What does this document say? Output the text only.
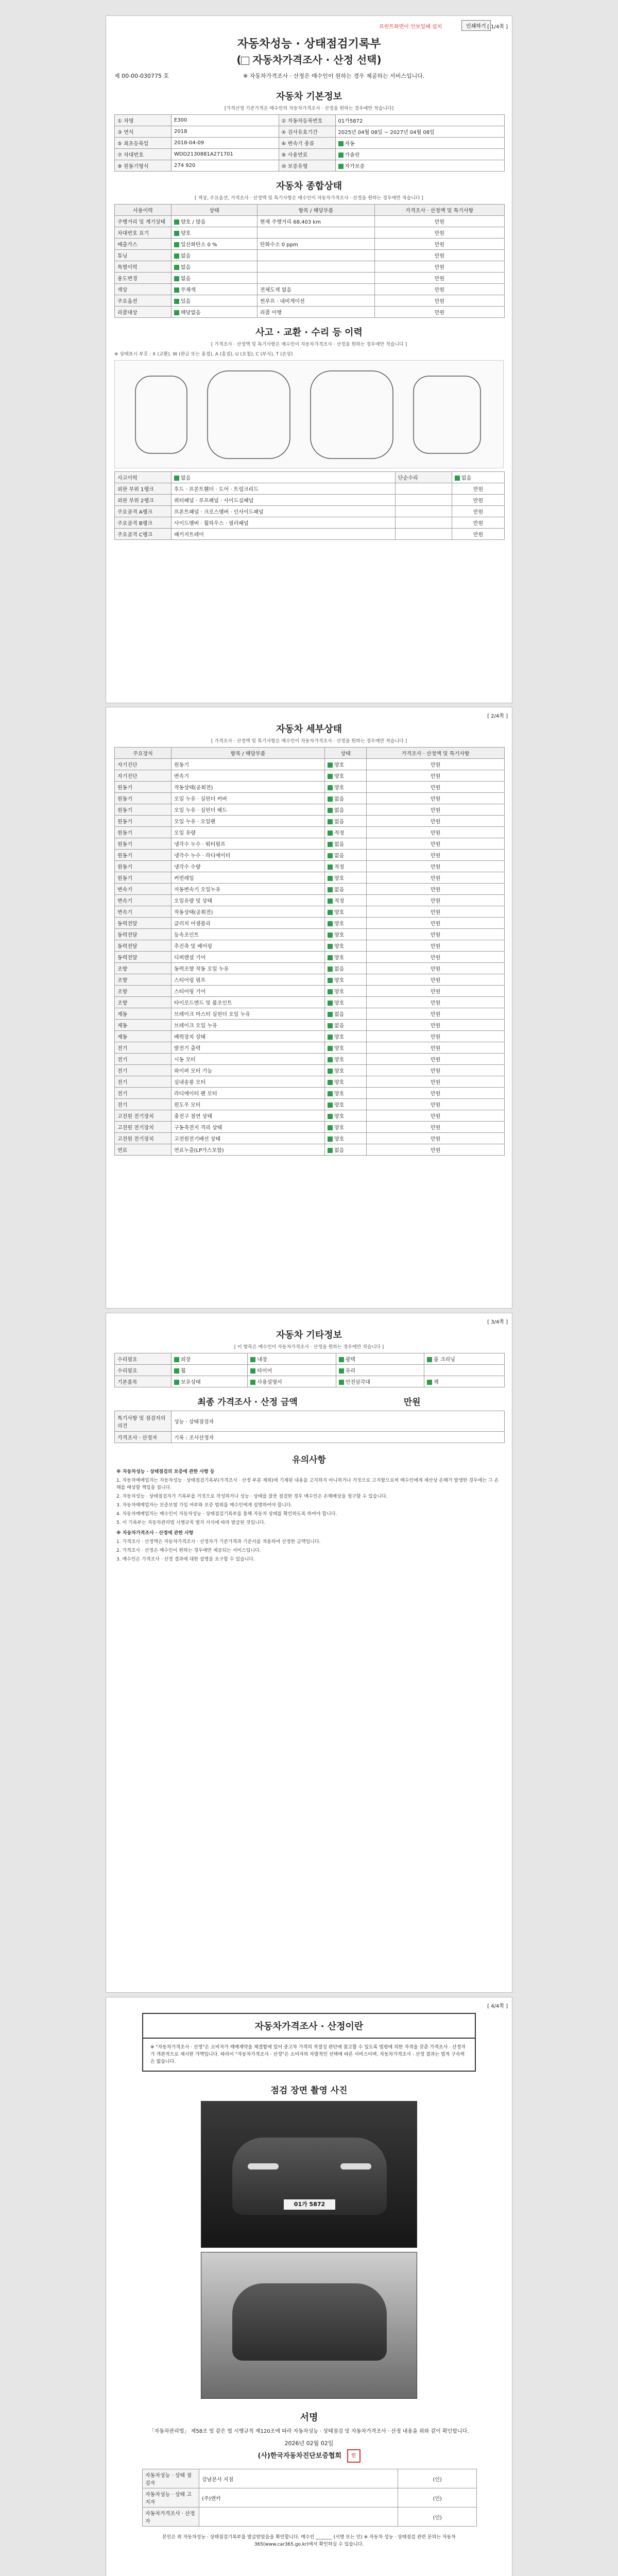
프린트화면이 안보일때 설치	인쇄하기 [ 1/4쪽 ]
자동차성능 · 상태점검기록부
( 자동차가격조사 · 산정 선택)
제 00-00-030775 호	※ 자동차가격조사 · 산정은 매수인이 원하는 경우 제공하는 서비스입니다.
자동차 기본정보
[가격산정 기준가격은 매수인의 자동차가격조사 · 산정을 원하는 경우에만 적습니다]
① 차명	E300	② 자동차등록번호	01가5872
③ 연식	2018	④ 검사유효기간	2025년 04월 08일 ~ 2027년 04월 08일
⑤ 최초등록일	2018-04-09	⑥ 변속기 종류	자동
⑦ 차대번호	WDD2130881A271701	⑧ 사용연료	가솔린
⑨ 원동기형식	274 920	⑩ 보증유형	자가보증
자동차 종합상태
[ 색상, 주요옵션, 가격조사 · 산정액 및 특기사항은 매수인이 자동차가격조사 · 산정을 원하는 경우에만 적습니다 ]
사용이력	상태	항목 / 해당부품	가격조사 · 산정액 및 특기사항
주행거리 및 계기상태	양호 / 많음	현재 주행거리 68,403 km	만원
차대번호 표기	양호		만원
배출가스	일산화탄소 0 %	탄화수소 0 ppm	만원
튜닝	없음		만원
특별이력	없음		만원
용도변경	없음		만원
색상	무채색	전체도색 없음	만원
주요옵션	있음	썬루프 · 내비게이션	만원
리콜대상	해당없음	리콜 이행	만원
사고 · 교환 · 수리 등 이력
[ 가격조사 · 산정액 및 특기사항은 매수인이 자동차가격조사 · 산정을 원하는 경우에만 적습니다 ]
※ 상태표시 부호 : X (교환), W (판금 또는 용접), A (흠집), U (요철), C (부식), T (손상)
사고이력	없음	단순수리	없음
외판 부위 1랭크	후드 · 프론트휀더 · 도어 · 트렁크리드		만원
외판 부위 2랭크	쿼터패널 · 루프패널 · 사이드실패널		만원
주요골격 A랭크	프론트패널 · 크로스멤버 · 인사이드패널		만원
주요골격 B랭크	사이드멤버 · 휠하우스 · 필러패널		만원
주요골격 C랭크	패키지트레이		만원
[ 2/4쪽 ]
자동차 세부상태
[ 가격조사 · 산정액 및 특기사항은 매수인이 자동차가격조사 · 산정을 원하는 경우에만 적습니다 ]
주요장치	항목 / 해당부품	상태	가격조사 · 산정액 및 특기사항
자기진단	원동기	양호	만원
자기진단	변속기	양호	만원
원동기	작동상태(공회전)	양호	만원
원동기	오일 누유 · 실린더 커버	없음	만원
원동기	오일 누유 · 실린더 헤드	없음	만원
원동기	오일 누유 · 오일팬	없음	만원
원동기	오일 유량	적정	만원
원동기	냉각수 누수 · 워터펌프	없음	만원
원동기	냉각수 누수 · 라디에이터	없음	만원
원동기	냉각수 수량	적정	만원
원동기	커먼레일	양호	만원
변속기	자동변속기 오일누유	없음	만원
변속기	오일유량 및 상태	적정	만원
변속기	작동상태(공회전)	양호	만원
동력전달	클러치 어셈블리	양호	만원
동력전달	등속조인트	양호	만원
동력전달	추진축 및 베어링	양호	만원
동력전달	디퍼렌셜 기어	양호	만원
조향	동력조향 작동 오일 누유	없음	만원
조향	스티어링 펌프	양호	만원
조향	스티어링 기어	양호	만원
조향	타이로드엔드 및 볼조인트	양호	만원
제동	브레이크 마스터 실린더 오일 누유	없음	만원
제동	브레이크 오일 누유	없음	만원
제동	배력장치 상태	양호	만원
전기	발전기 출력	양호	만원
전기	시동 모터	양호	만원
전기	와이퍼 모터 기능	양호	만원
전기	실내송풍 모터	양호	만원
전기	라디에이터 팬 모터	양호	만원
전기	윈도우 모터	양호	만원
고전원 전기장치	충전구 절연 상태	양호	만원
고전원 전기장치	구동축전지 격리 상태	양호	만원
고전원 전기장치	고전원전기배선 상태	양호	만원
연료	연료누출(LP가스포함)	없음	만원
[ 3/4쪽 ]
자동차 기타정보
[ 이 항목은 매수인이 자동차가격조사 · 산정을 원하는 경우에만 적습니다 ]
수리필요	외장	내장	광택	룸 크리닝
수리필요	휠	타이어	유리	
기본품목	보유상태	사용설명서	안전삼각대	잭
최종 가격조사 · 산정 금액	만원
특기사항 및 점검자의 의견	성능 · 상태점검자
가격조사 · 산정자	기록 : 조사산정자
유의사항

※ 자동차성능 · 상태점검의 보증에 관한 사항 등

1. 자동차매매업자는 자동차성능 · 상태점검기록부(가격조사 · 산정 부분 제외)에 기재된 내용을 고지하지 아니하거나 거짓으로 고지함으로써 매수인에게 재산상 손해가 발생한 경우에는 그 손해를 배상할 책임을 집니다.

2. 자동차성능 · 상태점검자가 기록부를 거짓으로 작성하거나 성능 · 상태를 잘못 점검한 경우 매수인은 손해배상을 청구할 수 있습니다.

3. 자동차매매업자는 보증보험 가입 여부와 보증 범위를 매수인에게 설명하여야 합니다.

4. 자동차매매업자는 매수인이 자동차성능 · 상태점검기록부를 통해 자동차 상태를 확인하도록 하여야 합니다.

5. 이 기록부는 자동차관리법 시행규칙 별지 서식에 따라 발급된 것입니다.

※ 자동차가격조사 · 산정에 관한 사항

1. 가격조사 · 산정액은 자동차가격조사 · 산정자가 기준가격과 기준서를 적용하여 산정한 금액입니다.

2. 가격조사 · 산정은 매수인이 원하는 경우에만 제공되는 서비스입니다.

3. 매수인은 가격조사 · 산정 결과에 대한 설명을 요구할 수 있습니다.

[ 4/4쪽 ]
자동차가격조사 · 산정이란
※ "자동차가격조사 · 산정"은 소비자가 매매계약을 체결함에 있어 중고차 가격의 적절성 판단에 참고할 수 있도록 법령에 의한 자격을 갖춘 가격조사 · 산정자가 객관적으로 제시한 가액입니다. 따라서 "자동차가격조사 · 산정"은 소비자의 자발적인 선택에 따른 서비스이며, 자동차가격조사 · 산정 결과는 법적 구속력은 없습니다.
점검 장면 촬영 사진
01가 5872
서명
「자동차관리법」 제58조 및 같은 법 시행규칙 제120조에 따라 자동차성능 · 상태점검 및 자동차가격조사 · 산정 내용을 위와 같이 확인합니다.
2026년 02월 02일
(사)한국자동차진단보증협회 인
자동차성능 · 상태 점검자	강남본사 지점	(인)
자동차성능 · 상태 고지자	(주)엔카	(인)
자동차가격조사 · 산정자		(인)
본인은 위 자동차성능 · 상태점검기록부를 발급받았음을 확인합니다. 매수인 _______ (서명 또는 인) ※ 자동차 성능 · 상태점검 관련 문의는 자동차365(www.car365.go.kr)에서 확인하실 수 있습니다.
